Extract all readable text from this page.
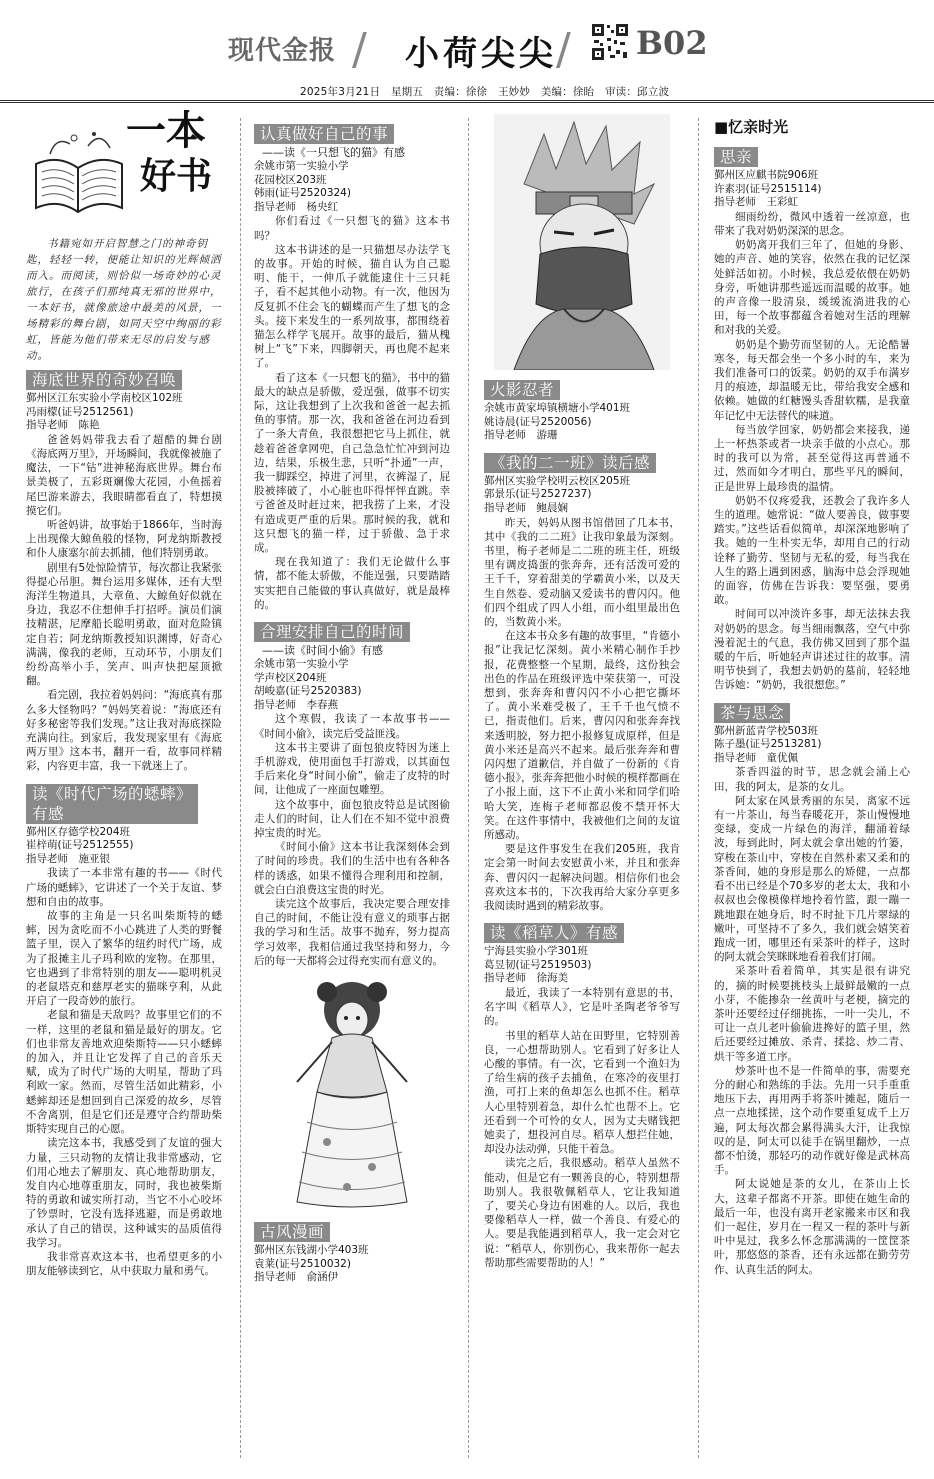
现代金报 / 小荷尖尖 / B02
2025年3月21日　星期五　责编：徐徐　王妙妙　美编：徐眙　审读：邱立波
一本
好书

书籍宛如开启智慧之门的神奇钥匙，轻轻一转，便能让知识的光辉倾洒而入。而阅读，则恰似一场奇妙的心灵旅行，在孩子们那纯真无邪的世界中，一本好书，就像旅途中最美的风景，一场精彩的舞台剧，如同天空中绚丽的彩虹，皆能为他们带来无尽的启发与感动。

海底世界的奇妙召唤

鄞州区江东实验小学南校区102班

冯雨檬(证号2512561)

指导老师　陈艳

爸爸妈妈带我去看了超酷的舞台剧《海底两万里》，开场瞬间，我就像被施了魔法，一下“钻”进神秘海底世界。舞台布景美极了，五彩斑斓像大花园，小鱼摇着尾巴游来游去，我眼睛都看直了，特想摸摸它们。

听爸妈讲，故事始于1866年，当时海上出现像大鲸鱼般的怪物，阿龙纳斯教授和仆人康塞尔前去抓捕，他们特别勇敢。

剧里有5处惊险情节，每次都让我紧张得提心吊胆。舞台运用多媒体，还有大型海洋生物道具，大章鱼、大鲸鱼好似就在身边，我忍不住想伸手打招呼。演员们演技精湛，尼摩船长聪明勇敢，面对危险镇定自若；阿龙纳斯教授知识渊博，好奇心满满，像我的老师，互动环节，小朋友们纷纷高举小手，笑声、叫声快把屋顶掀翻。

看完剧，我拉着妈妈问：“海底真有那么多大怪物吗？”妈妈笑着说：“海底还有好多秘密等我们发现。”这让我对海底探险充满向往。到家后，我发现家里有《海底两万里》这本书，翻开一看，故事同样精彩，内容更丰富，我一下就迷上了。

读《时代广场的蟋蟀》
有感

鄞州区存德学校204班

崔梓萌(证号2512555)

指导老师　施亚银

我读了一本非常有趣的书——《时代广场的蟋蟀》，它讲述了一个关于友谊、梦想和自由的故事。

故事的主角是一只名叫柴斯特的蟋蟀，因为贪吃而不小心跳进了人类的野餐篮子里，误入了繁华的纽约时代广场，成为了报摊主儿子玛利欧的宠物。在那里，它也遇到了非常特别的朋友——聪明机灵的老鼠塔克和慈厚老实的猫咪亨利，从此开启了一段奇妙的旅行。

老鼠和猫是天敌吗？故事里它们的不一样，这里的老鼠和猫是最好的朋友。它们也非常友善地欢迎柴斯特——只小蟋蟀的加入，并且让它发挥了自己的音乐天赋，成为了时代广场的大明星，帮助了玛利欧一家。然而，尽管生活如此精彩，小蟋蟀却还是想回到自己深爱的故乡，尽管不舍离别，但是它们还是遵守合约帮助柴斯特实现自己的心愿。

读完这本书，我感受到了友谊的强大力量，三只动物的友情让我非常感动，它们用心地去了解朋友、真心地帮助朋友，发自内心地尊重朋友，同时，我也被柴斯特的勇敢和诚实所打动，当它不小心咬坏了钞票时，它没有选择逃避，而是勇敢地承认了自己的错误，这种诚实的品质值得我学习。

我非常喜欢这本书，也希望更多的小朋友能够读到它，从中获取力量和勇气。

认真做好自己的事

——读《一只想飞的猫》有感

余姚市第一实验小学

花园校区203班

韩雨(证号2520324)

指导老师　杨央红

你们看过《一只想飞的猫》这本书吗？

这本书讲述的是一只猫想尽办法学飞的故事。开始的时候，猫自认为自己聪明、能干，一伸爪子就能逮住十三只耗子，看不起其他小动物。有一次，他因为反复抓不住会飞的蝴蝶而产生了想飞的念头。接下来发生的一系列故事，都围绕着猫怎么样学飞展开。故事的最后，猫从槐树上“飞”下来，四脚朝天，再也爬不起来了。

看了这本《一只想飞的猫》，书中的猫最大的缺点是骄傲，爱逞强，做事不切实际，这让我想到了上次我和爸爸一起去抓鱼的事情。那一次，我和爸爸在河边看到了一条大青鱼，我很想把它马上抓住，就趁着爸爸拿网兜，自己急急忙忙冲到河边边，结果，乐极生悲，只听“扑通”一声，我一脚踩空，掉进了河里，衣裤湿了，屁股被摔破了，小心脏也吓得怦怦直跳。幸亏爸爸及时赶过来，把我捞了上来，才没有造成更严重的后果。那时候的我，就和这只想飞的猫一样，过于骄傲、急于求成。

现在我知道了：我们无论做什么事情，都不能太骄傲，不能逞强，只要踏踏实实把自己能做的事认真做好，就是最棒的。

合理安排自己的时间

——读《时间小偷》有感

余姚市第一实验小学

学声校区204班

胡峻嘉(证号2520383)

指导老师　李春燕

这个寒假，我读了一本故事书——《时间小偷》，读完后受益匪浅。

这本书主要讲了面包狼皮特因为迷上手机游戏，使用面包手打游戏，以其面包手后来化身“时间小偷”，偷走了皮特的时间，让他成了一座面包雕塑。

这个故事中，面包狼皮特总是试图偷走人们的时间，让人们在不知不觉中浪费掉宝贵的时光。

《时间小偷》这本书让我深刻体会到了时间的珍贵。我们的生活中也有各种各样的诱惑，如果不懂得合理利用和控制，就会白白浪费这宝贵的时光。

读完这个故事后，我决定要合理安排自己的时间，不能让没有意义的琐事占据我的学习和生活。故事不抛弃，努力提高学习效率，我相信通过我坚持和努力，今后的每一天都将会过得充实而有意义的。

古风漫画

鄞州区东钱湖小学403班

袁莱(证号2510032)

指导老师　俞涵伊

火影忍者

余姚市黄家埠镇横塘小学401班

姚诗晨(证号2520056)

指导老师　游珊

《我的二一班》读后感

鄞州区实验学校明云校区205班

郭景乐(证号2527237)

指导老师　鲍晨娴

昨天，妈妈从图书馆借回了几本书，其中《我的二二班》让我印象最为深刻。书里，梅子老师是二二班的班主任，班级里有调皮捣蛋的张奔奔，还有活泼可爱的王千千，穿着甜美的学霸黄小米，以及天生自然卷、爱动脑又爱读书的曹闪闪。他们四个组成了四人小组，而小组里最出色的，当数黄小米。

在这本书众多有趣的故事里，“肯德小报”让我记忆深刻。黄小米精心制作手抄报，花费整整一个星期，最终，这份独会出色的作品在班级评选中荣获第一，可没想到，张奔奔和曹闪闪不小心把它撕坏了。黄小米难受极了，王千千也气愤不已，指责他们。后来，曹闪闪和张奔奔找来透明胶，努力把小报修复成原样，但是黄小米还是高兴不起来。最后张奔奔和曹闪闪想了道歉信，并自做了一份新的《肯德小报》，张奔奔把他小时候的模样都画在了小报上面，这下不止黄小米和同学们哈哈大笑，连梅子老师都忍俊不禁开怀大笑。在这件事情中，我被他们之间的友谊所感动。

要是这件事发生在我们205班，我肯定会第一时间去安慰黄小米，并且和张奔奔、曹闪闪一起解决问题。相信你们也会喜欢这本书的，下次我再给大家分享更多我阅读时遇到的精彩故事。

读《稻草人》有感

宁海县实验小学301班

葛昱韧(证号2519503)

指导老师　徐海美

最近，我读了一本特别有意思的书，名字叫《稻草人》，它是叶圣陶老爷爷写的。

书里的稻草人站在田野里，它特别善良，一心想帮助别人。它看到了好多让人心酸的事情。有一次，它看到一个渔妇为了给生病的孩子去捕鱼，在寒冷的夜里打渔，可打上来的鱼却怎么也抓不住。稻草人心里特别着急，却什么忙也帮不上。它还看到一个可怜的女人，因为丈夫赌钱把她卖了，想投河自尽。稻草人想拦住她，却没办法动弹，只能干着急。

读完之后，我很感动。稻草人虽然不能动，但是它有一颗善良的心，特别想帮助别人。我很敬佩稻草人，它让我知道了，要关心身边有困难的人。以后，我也要像稻草人一样，做一个善良、有爱心的人。要是我能遇到稻草人，我一定会对它说：“稻草人，你别伤心，我来帮你一起去帮助那些需要帮助的人！”

■忆亲时光
思亲

鄞州区应麒书院906班

许素羽(证号2515114)

指导老师　王彩虹

细雨纷纷，微风中透着一丝凉意，也带来了我对奶奶深深的思念。

奶奶离开我们三年了，但她的身影、她的声音、她的笑容，依然在我的记忆深处鲜活如初。小时候，我总爱依偎在奶奶身旁，听她讲那些遥远而温暖的故事。她的声音像一股清泉，缓缓流淌进我的心田，每一个故事都蕴含着她对生活的理解和对我的关爱。

奶奶是个勤劳而坚韧的人。无论酷暑寒冬，每天都会坐一个多小时的车，来为我们准备可口的饭菜。奶奶的双手布满岁月的痕迹，却温暖无比，带给我安全感和依赖。她做的红糖馒头香甜软糯，是我童年记忆中无法替代的味道。

每当放学回家，奶奶都会来接我，递上一杯热茶或者一块亲手做的小点心。那时的我可以为常，甚至觉得这再普通不过，然而如今才明白，那些平凡的瞬间，正是世界上最珍贵的温情。

奶奶不仅疼爱我，还教会了我许多人生的道理。她常说：“做人要善良，做事要踏实。”这些话看似简单，却深深地影响了我。她的一生朴实无华，却用自己的行动诠释了勤劳、坚韧与无私的爱，每当我在人生的路上遇到困惑，脑海中总会浮现她的面容，仿佛在告诉我：要坚强，要勇敢。

时间可以冲淡许多事，却无法抹去我对奶奶的思念。每当细雨飘落，空气中弥漫着泥土的气息，我仿佛又回到了那个温暖的午后，听她轻声讲述过往的故事。清明节快到了，我想去奶奶的墓前，轻轻地告诉她：“奶奶，我很想您。”

茶与思念

鄞州新蓝青学校503班

陈子墨(证号2513281)

指导老师　童优佩

茶香四溢的时节，思念就会涌上心田，我的阿太，是茶的女儿。

阿太家在风景秀丽的东吴，离家不远有一片茶山，每当春暖花开，茶山慢慢地变绿，变成一片绿色的海洋，翻涌着绿波，每到此时，阿太就会拿出她的竹篓，穿梭在茶山中，穿梭在自然朴素又柔和的茶香间，她的身形是那么的矫健，一点都看不出已经是个70多岁的老太太，我和小叔叔也会像模像样地拎着竹篮，跟一蹦一跳地跟在她身后，时不时扯下几片翠绿的嫩叶，可坚持不了多久，我们就会嬉笑着跑成一团，哪里还有采茶叶的样子，这时的阿太就会笑眯眯地看着我们打闹。

采茶叶看着简单，其实是很有讲究的，摘的时候要挑枝头上最鲜最嫩的一点小芽，不能掺杂一丝黄叶与老梗，摘完的茶叶还要经过仔细挑拣，一叶一尖儿，不可让一点儿老叶偷偷进搀好的篮子里，然后还要经过摊放、杀青、揉捻、炒二青、烘干等多道工序。

炒茶叶也不是一件简单的事，需要充分的耐心和熟练的手法。先用一只手重重地压下去，再用两手将茶叶摊起，随后一点一点地揉搓，这个动作要重复成千上万遍，阿太每次都会累得满头大汗，让我惊叹的是，阿太可以徒手在锅里翻炒，一点都不怕烫，那轻巧的动作就好像是武林高手。

阿太说她是茶的女儿，在茶山上长大，这辈子都离不开茶。即使在她生命的最后一年，也没有离开老家搬来市区和我们一起住，岁月在一程又一程的茶叶与新叶中晃过，我多么怀念那满满的一筐筐茶叶，那悠悠的茶香，还有永远都在勤劳劳作、认真生活的阿太。
